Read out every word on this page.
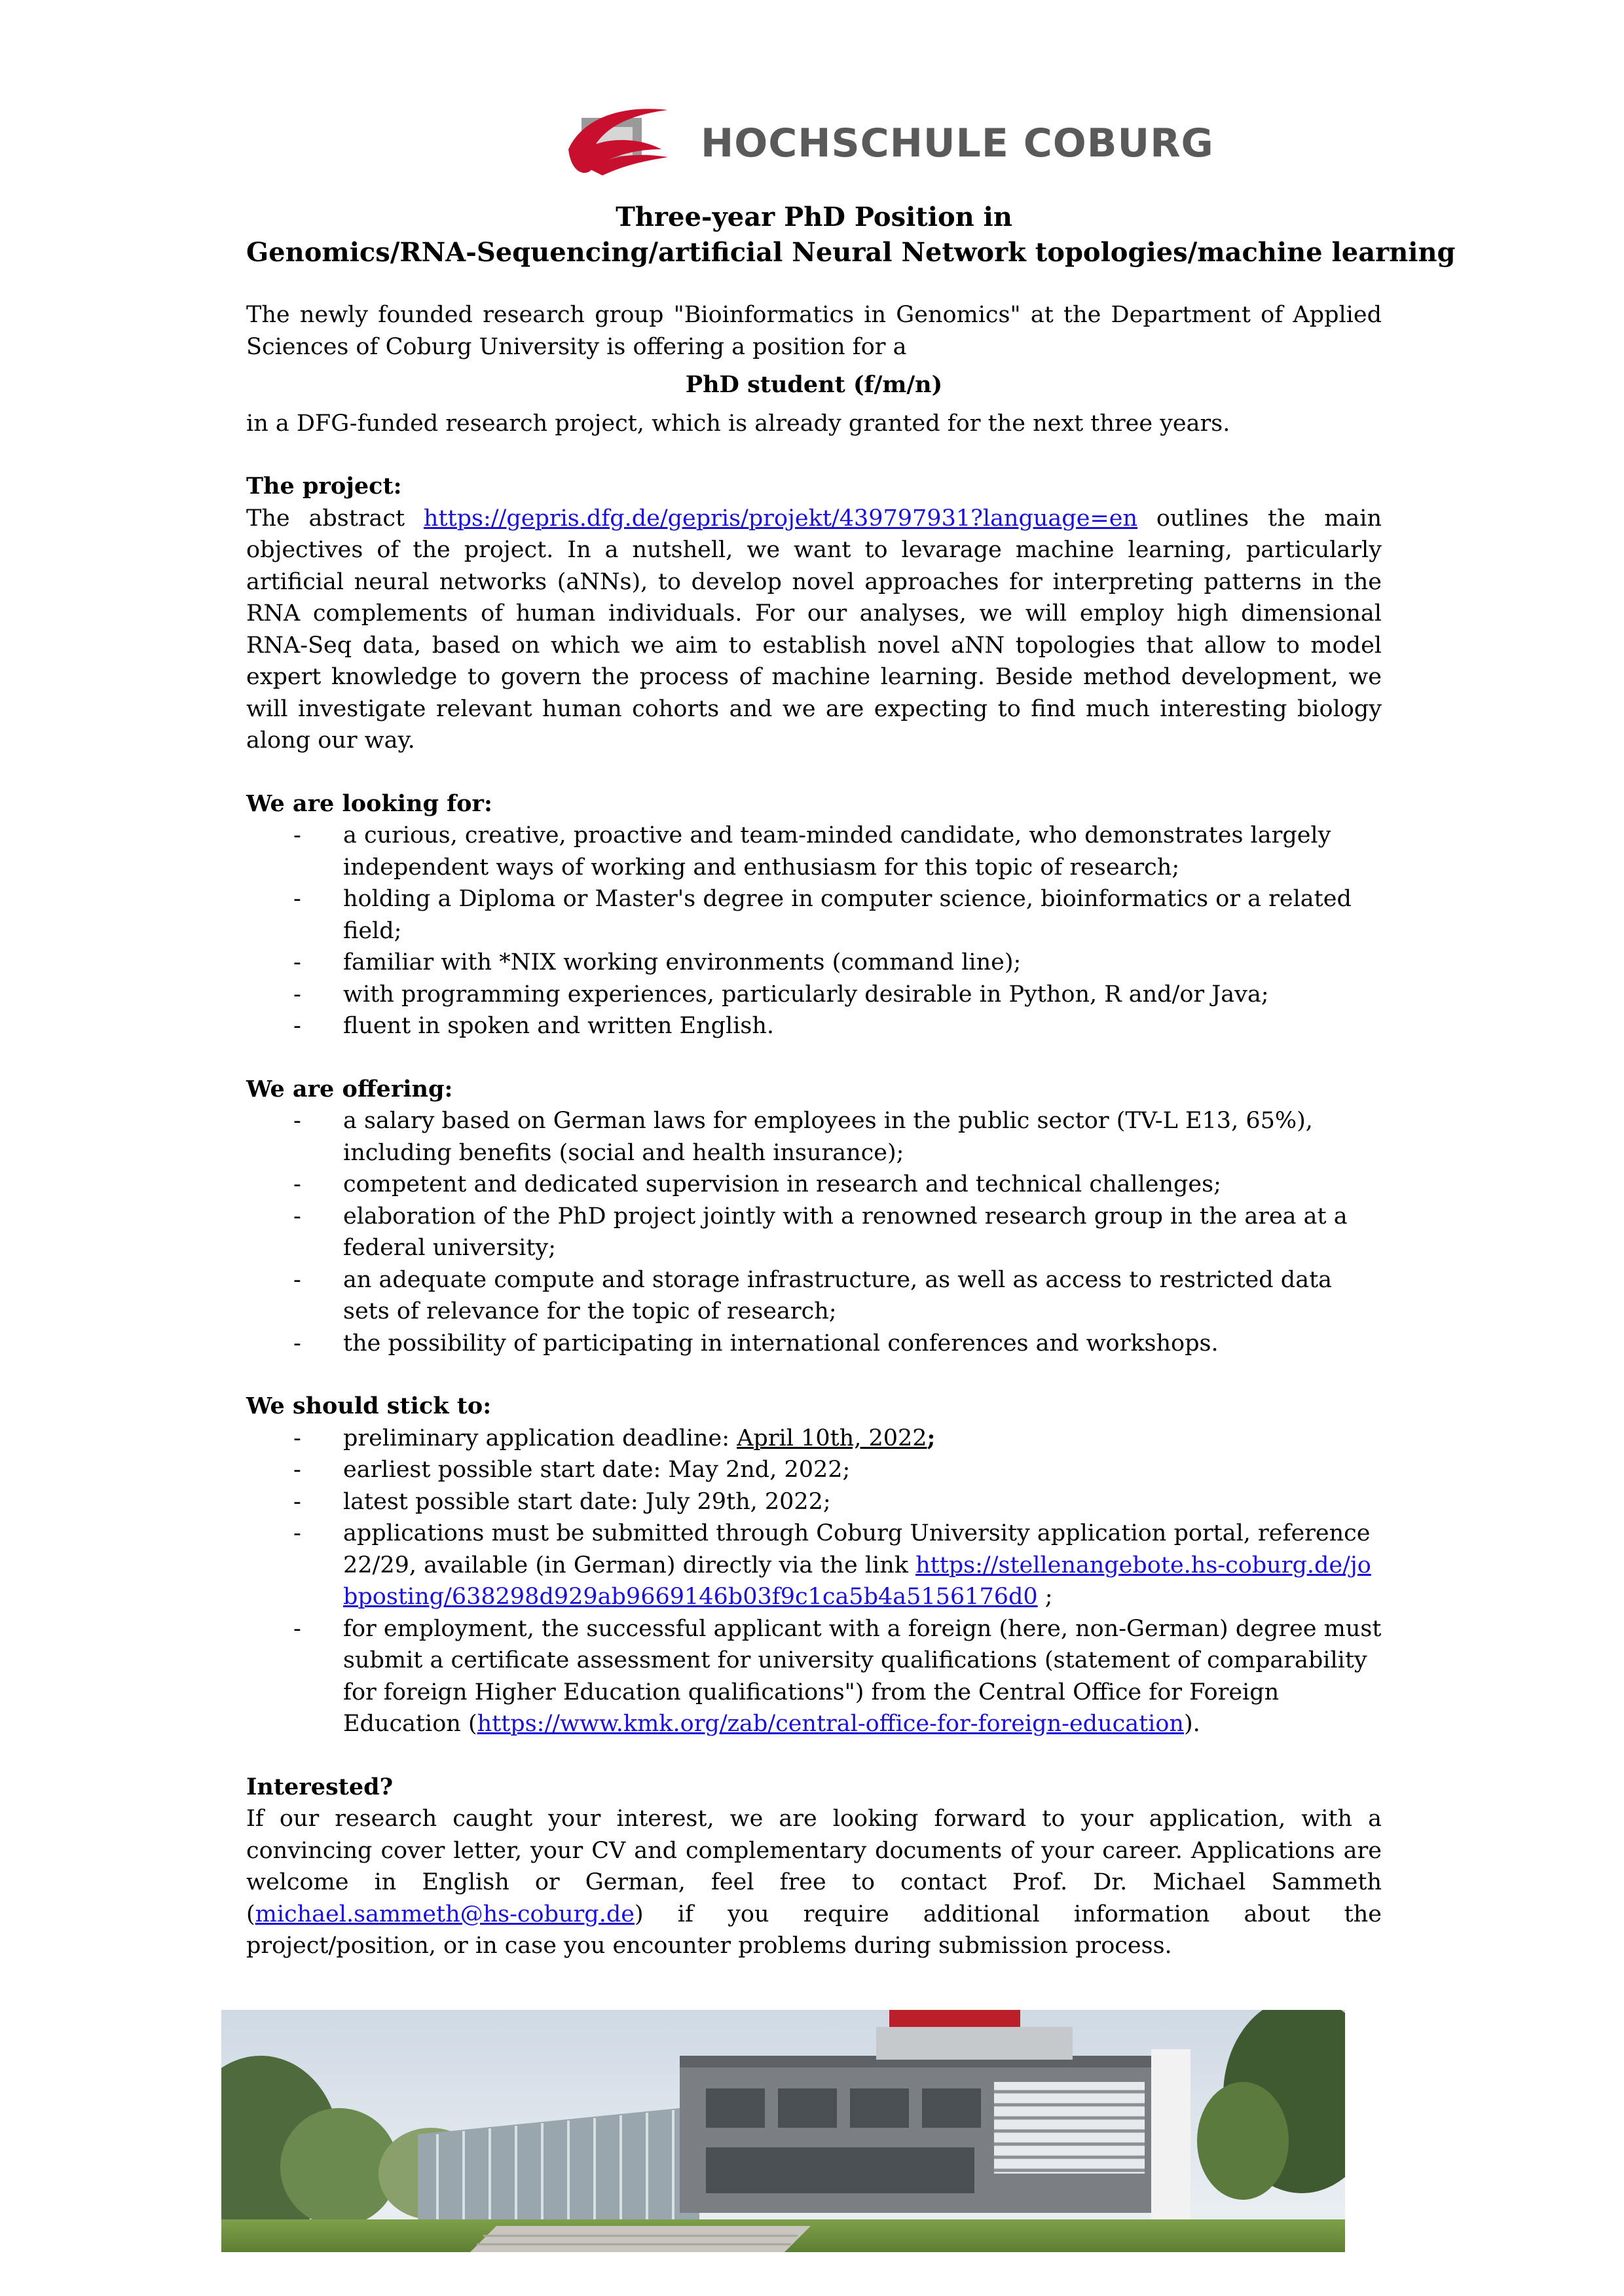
HOCHSCHULE COBURG
Three-year PhD Position in
Genomics/RNA-Sequencing/artificial Neural Network topologies/machine learning

The newly founded research group "Bioinformatics in Genomics" at the Department of Applied Sciences of Coburg University is offering a position for a

PhD student (f/m/n)

in a DFG-funded research project, which is already granted for the next three years.

The project:

The abstract https://gepris.dfg.de/gepris/projekt/439797931?language=en outlines the main objectives of the project. In a nutshell, we want to levarage machine learning, particularly artificial neural networks (aNNs), to develop novel approaches for interpreting patterns in the RNA complements of human individuals. For our analyses, we will employ high dimensional RNA-Seq data, based on which we aim to establish novel aNN topologies that allow to model expert knowledge to govern the process of machine learning. Beside method development, we will investigate relevant human cohorts and we are expecting to find much interesting biology along our way.

We are looking for:
- a curious, creative, proactive and team-minded candidate, who demonstrates largely independent ways of working and enthusiasm for this topic of research;
- holding a Diploma or Master's degree in computer science, bioinformatics or a related field;
- familiar with *NIX working environments (command line);
- with programming experiences, particularly desirable in Python, R and/or Java;
- fluent in spoken and written English.
We are offering:
- a salary based on German laws for employees in the public sector (TV-L E13, 65%), including benefits (social and health insurance);
- competent and dedicated supervision in research and technical challenges;
- elaboration of the PhD project jointly with a renowned research group in the area at a federal university;
- an adequate compute and storage infrastructure, as well as access to restricted data sets of relevance for the topic of research;
- the possibility of participating in international conferences and workshops.
We should stick to:
- preliminary application deadline: April 10th, 2022;
- earliest possible start date: May 2nd, 2022;
- latest possible start date: July 29th, 2022;
- applications must be submitted through Coburg University application portal, reference 22/29, available (in German) directly via the link https://stellenangebote.hs-coburg.de/jobposting/638298d929ab9669146b03f9c1ca5b4a5156176d0 ;
- for employment, the successful applicant with a foreign (here, non-German) degree must submit a certificate assessment for university qualifications (statement of comparability for foreign Higher Education qualifications") from the Central Office for Foreign Education (https://www.kmk.org/zab/central-office-for-foreign-education).
Interested?

If our research caught your interest, we are looking forward to your application, with a convincing cover letter, your CV and complementary documents of your career. Applications are welcome in English or German, feel free to contact Prof. Dr. Michael Sammeth (michael.sammeth@hs-coburg.de) if you require additional information about the project/position, or in case you encounter problems during submission process.
